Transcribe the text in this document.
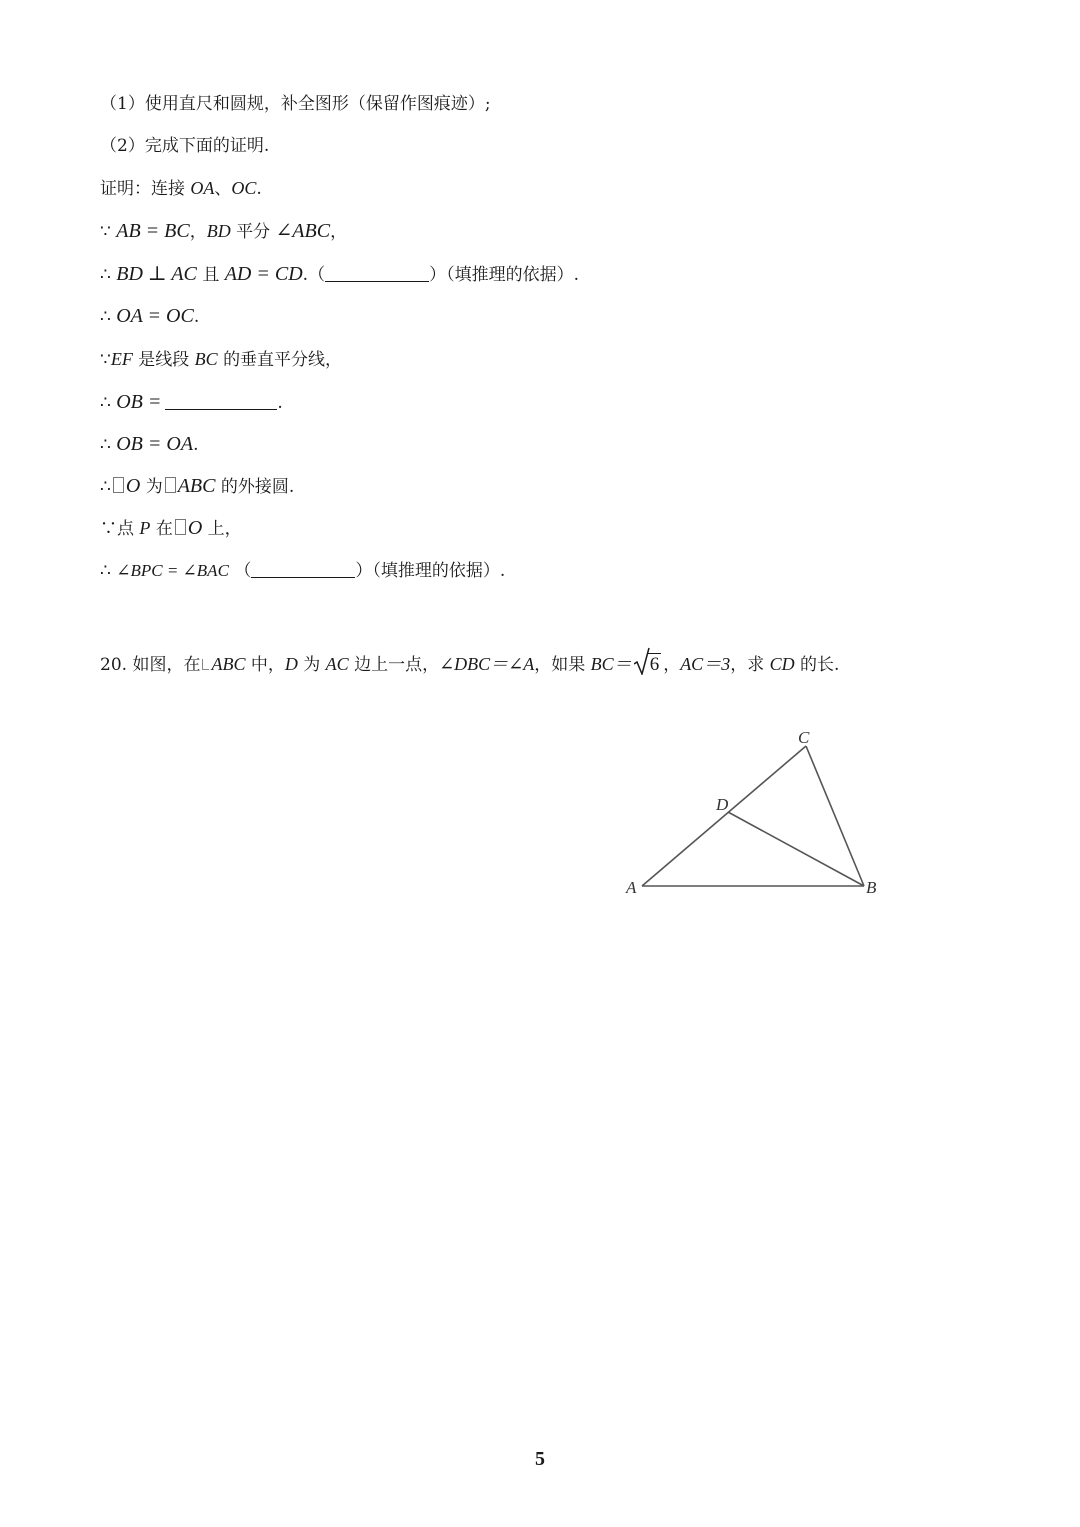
（1）使用直尺和圆规，补全图形（保留作图痕迹）;
（2）完成下面的证明.
证明：连接 OA、OC.
∵ AB = BC，BD 平分 ∠ABC，
∴ BD ⊥ AC 且 AD = CD.（	）（填推理的依据）.
∴ OA = OC.
∵EF 是线段 BC 的垂直平分线，
∴ OB =	.
∴ OB = OA.
∴ O 为 ABC 的外接圆.
∵点 P 在 O 上，
∴ ∠BPC = ∠BAC （	）（填推理的依据）.
20. 如图，在 ABC 中，D 为 AC 边上一点，∠DBC＝∠A，如果 BC＝ 6 ，AC＝3，求 CD 的长.
A	B
C
D
5
